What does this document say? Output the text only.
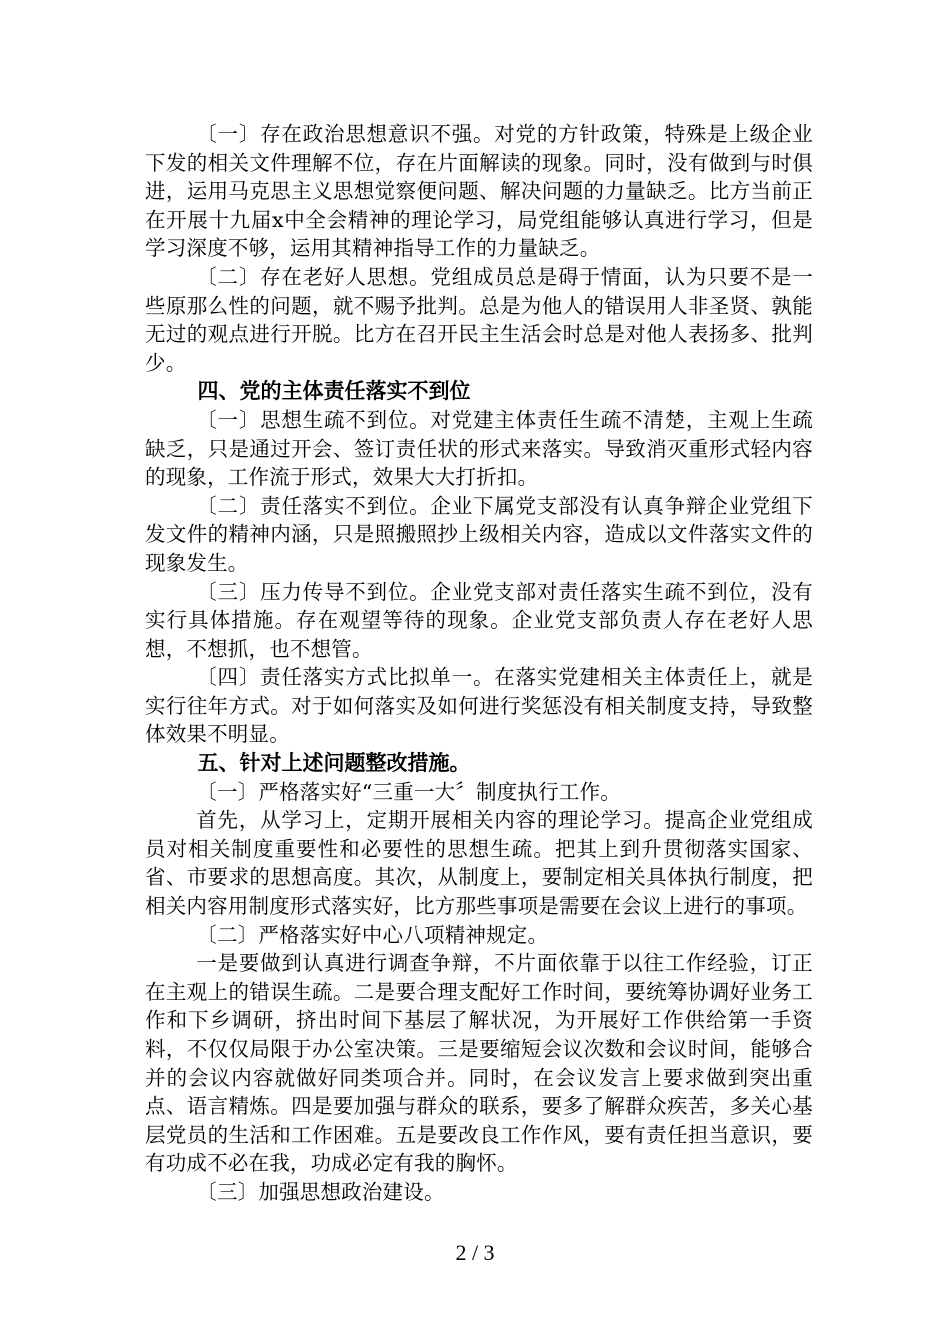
〔一〕存在政治思想意识不强。对党的方针政策，特殊是上级企业下发的相关文件理解不位，存在片面解读的现象。同时，没有做到与时俱进，运用马克思主义思想觉察便问题、解决问题的力量缺乏。比方当前正在开展十九届x中全会精神的理论学习，局党组能够认真进行学习，但是学习深度不够，运用其精神指导工作的力量缺乏。

〔二〕存在老好人思想。党组成员总是碍于情面，认为只要不是一些原那么性的问题，就不赐予批判。总是为他人的错误用人非圣贤、孰能无过的观点进行开脱。比方在召开民主生活会时总是对他人表扬多、批判少。

四、党的主体责任落实不到位

〔一〕思想生疏不到位。对党建主体责任生疏不清楚，主观上生疏缺乏，只是通过开会、签订责任状的形式来落实。导致消灭重形式轻内容的现象，工作流于形式，效果大大打折扣。

〔二〕责任落实不到位。企业下属党支部没有认真争辩企业党组下发文件的精神内涵，只是照搬照抄上级相关内容，造成以文件落实文件的现象发生。

〔三〕压力传导不到位。企业党支部对责任落实生疏不到位，没有实行具体措施。存在观望等待的现象。企业党支部负责人存在老好人思想，不想抓，也不想管。

〔四〕责任落实方式比拟单一。在落实党建相关主体责任上，就是实行往年方式。对于如何落实及如何进行奖惩没有相关制度支持，导致整体效果不明显。

五、针对上述问题整改措施。

〔一〕严格落实好“三重一大〞制度执行工作。

首先，从学习上，定期开展相关内容的理论学习。提高企业党组成员对相关制度重要性和必要性的思想生疏。把其上到升贯彻落实国家、省、市要求的思想高度。其次，从制度上，要制定相关具体执行制度，把相关内容用制度形式落实好，比方那些事项是需要在会议上进行的事项。

〔二〕严格落实好中心八项精神规定。

一是要做到认真进行调查争辩，不片面依靠于以往工作经验，订正在主观上的错误生疏。二是要合理支配好工作时间，要统筹协调好业务工作和下乡调研，挤出时间下基层了解状况，为开展好工作供给第一手资料，不仅仅局限于办公室决策。三是要缩短会议次数和会议时间，能够合并的会议内容就做好同类项合并。同时，在会议发言上要求做到突出重点、语言精炼。四是要加强与群众的联系，要多了解群众疾苦，多关心基层党员的生活和工作困难。五是要改良工作作风，要有责任担当意识，要有功成不必在我，功成必定有我的胸怀。

〔三〕加强思想政治建设。

2 / 3
